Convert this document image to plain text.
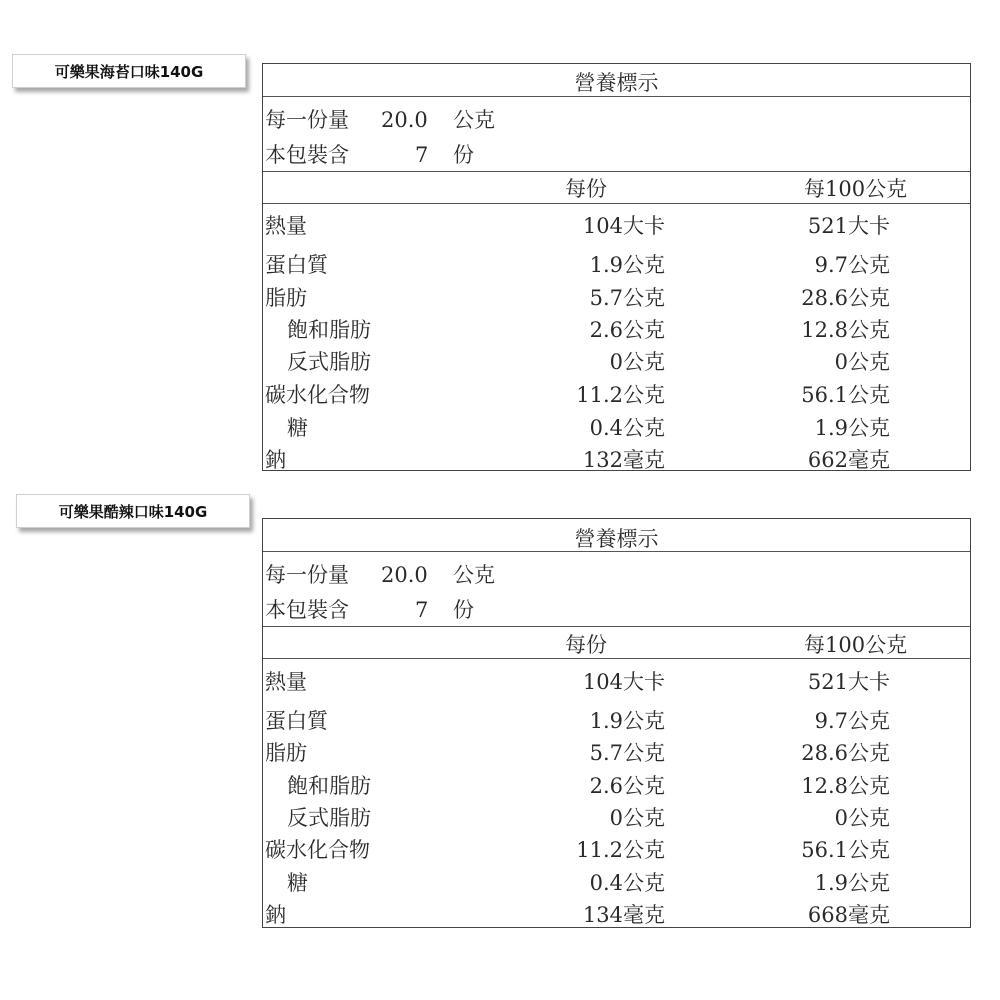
可樂果海苔口味140G	營養標示
每一份量 20.0 公克
本包裝含	7 份
每份	每100公克
熱量	104大卡	521大卡
蛋白質	1.9公克	9.7公克
脂肪	5.7公克	28.6公克
飽和脂肪	2.6公克	12.8公克
反式脂肪	0公克	0公克
碳水化合物	11.2公克	56.1公克
糖	0.4公克	1.9公克
鈉	132毫克	662毫克
可樂果酷辣口味140G
營養標示
每一份量 20.0 公克
本包裝含	7 份
每份	每100公克
熱量	104大卡	521大卡
蛋白質	1.9公克	9.7公克
脂肪	5.7公克	28.6公克
飽和脂肪	2.6公克	12.8公克
反式脂肪	0公克	0公克
碳水化合物	11.2公克	56.1公克
糖	0.4公克	1.9公克
鈉	134毫克	668毫克
